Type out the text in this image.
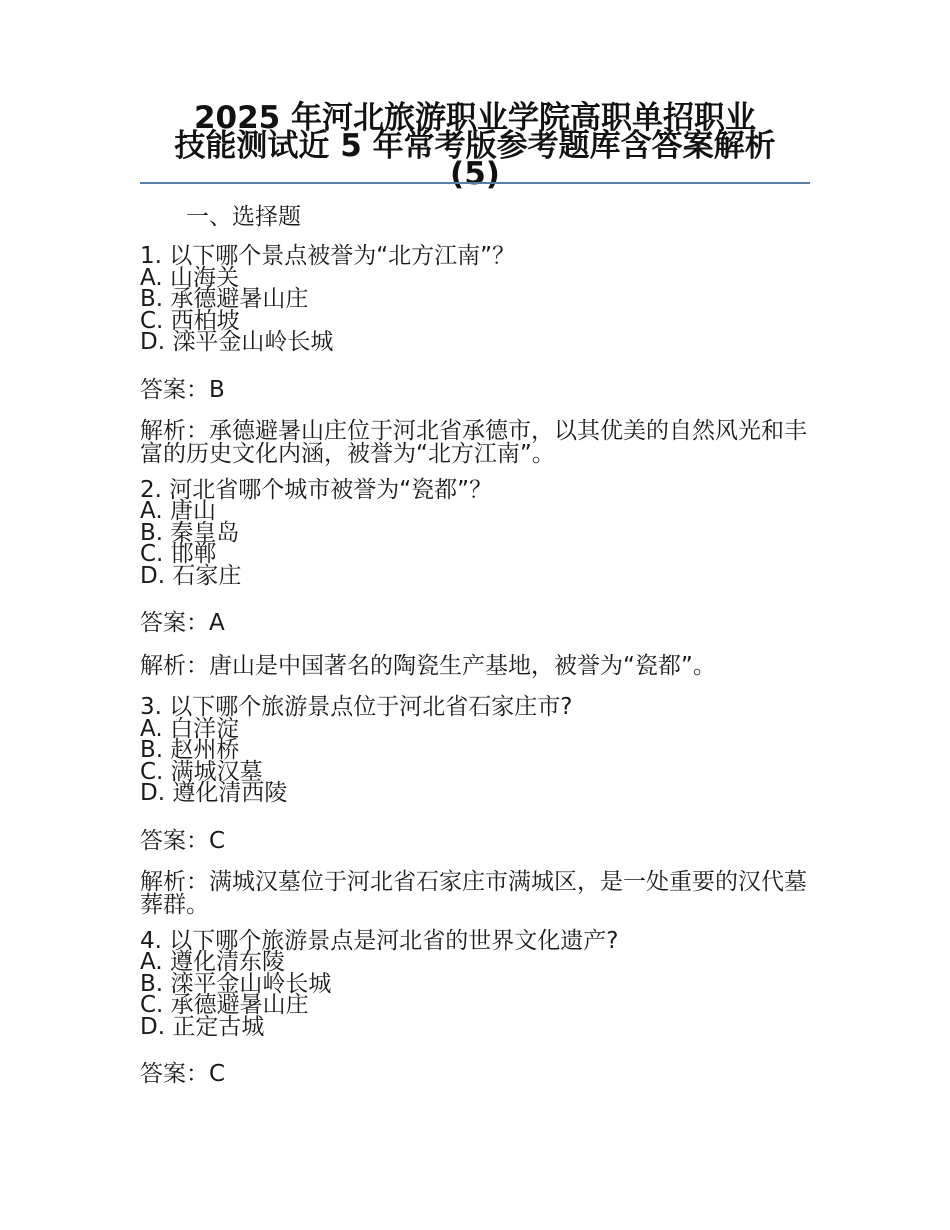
2025 年河北旅游职业学院高职单招职业
技能测试近 5 年常考版参考题库含答案解析
(5)
一、选择题
1. 以下哪个景点被誉为“北方江南”？
A. 山海关
B. 承德避暑山庄
C. 西柏坡
D. 滦平金山岭长城
答案：B
解析：承德避暑山庄位于河北省承德市，以其优美的自然风光和丰富的历史文化内涵，被誉为“北方江南”。
2. 河北省哪个城市被誉为“瓷都”？
A. 唐山
B. 秦皇岛
C. 邯郸
D. 石家庄
答案：A
解析：唐山是中国著名的陶瓷生产基地，被誉为“瓷都”。
3. 以下哪个旅游景点位于河北省石家庄市?
A. 白洋淀
B. 赵州桥
C. 满城汉墓
D. 遵化清西陵
答案：C
解析：满城汉墓位于河北省石家庄市满城区，是一处重要的汉代墓葬群。
4. 以下哪个旅游景点是河北省的世界文化遗产?
A. 遵化清东陵
B. 滦平金山岭长城
C. 承德避暑山庄
D. 正定古城
答案：C
